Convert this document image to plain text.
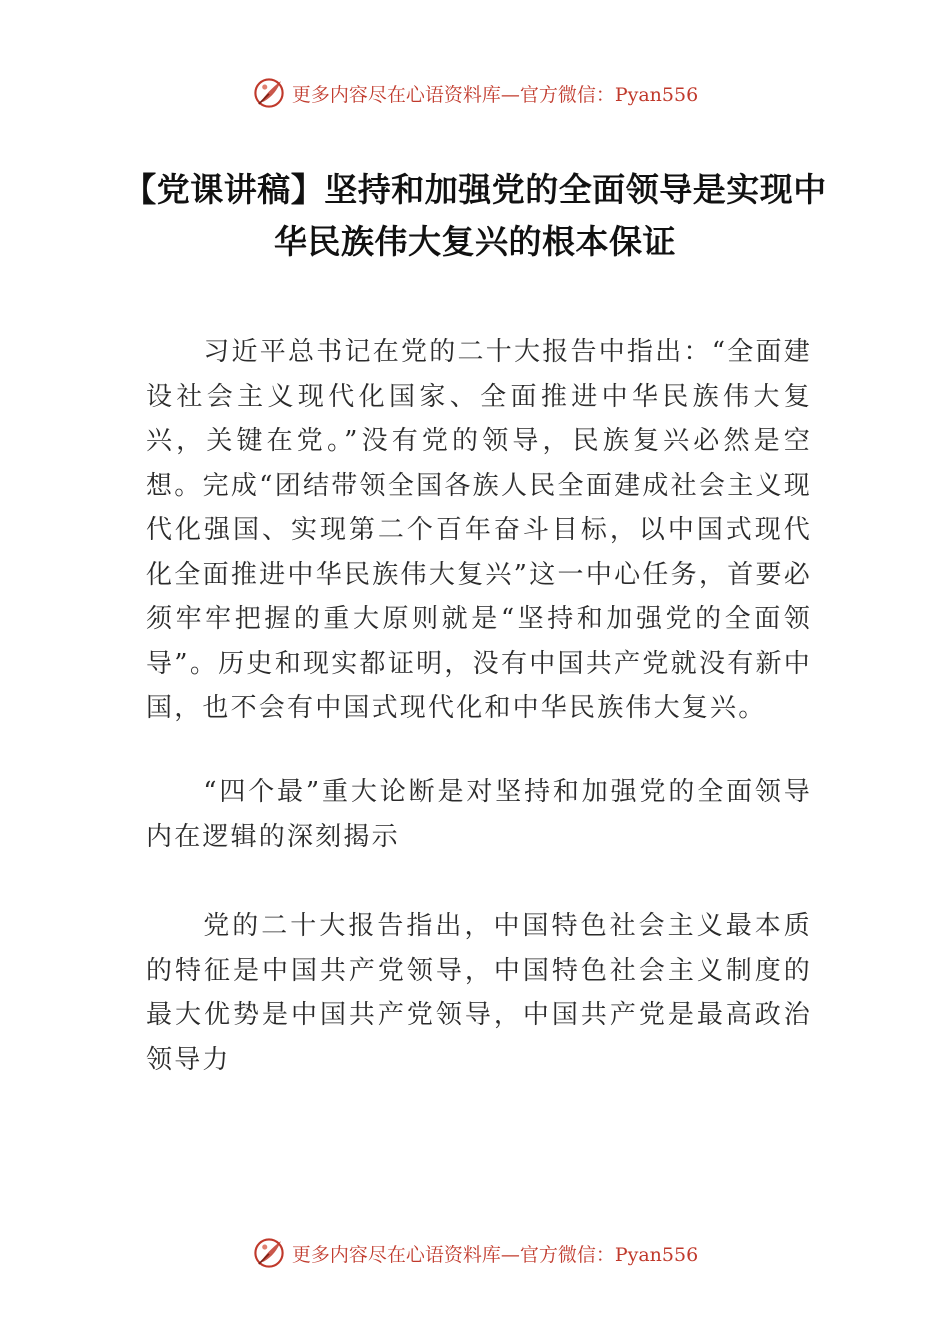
更多内容尽在心语资料库—官方微信：Pyan556
【党课讲稿】坚持和加强党的全面领导是实现中华民族伟大复兴的根本保证

习近平总书记在党的二十大报告中指出：“全面建设社会主义现代化国家、全面推进中华民族伟大复兴，关键在党。”没有党的领导，民族复兴必然是空想。完成“团结带领全国各族人民全面建成社会主义现代化强国、实现第二个百年奋斗目标，以中国式现代化全面推进中华民族伟大复兴”这一中心任务，首要必须牢牢把握的重大原则就是“坚持和加强党的全面领导”。历史和现实都证明，没有中国共产党就没有新中国，也不会有中国式现代化和中华民族伟大复兴。

“四个最”重大论断是对坚持和加强党的全面领导内在逻辑的深刻揭示

党的二十大报告指出，中国特色社会主义最本质的特征是中国共产党领导，中国特色社会主义制度的最大优势是中国共产党领导，中国共产党是最高政治领导力

更多内容尽在心语资料库—官方微信：Pyan556
